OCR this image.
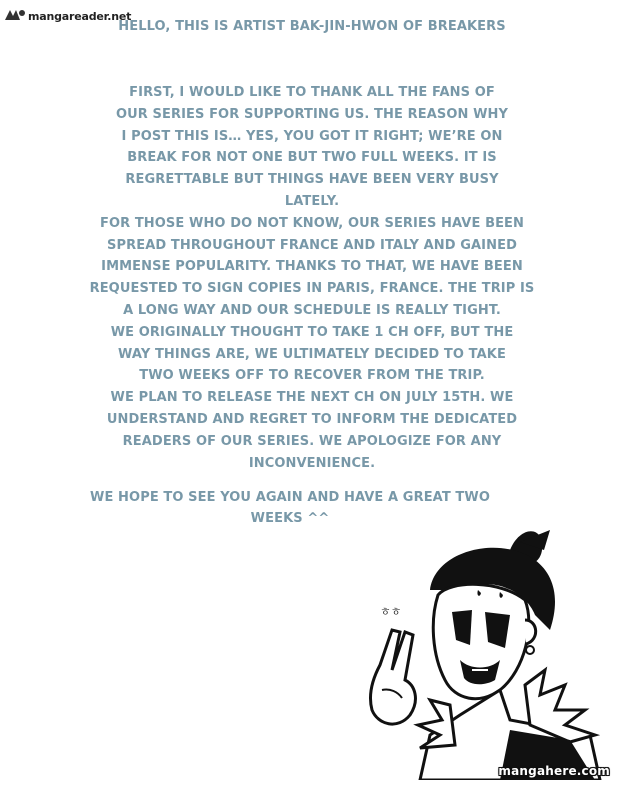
mangareader.net
HELLO, THIS IS ARTIST BAK-JIN-HWON OF BREAKERS

FIRST, I WOULD LIKE TO THANK ALL THE FANS OF

OUR SERIES FOR SUPPORTING US. THE REASON WHY

I POST THIS IS… YES, YOU GOT IT RIGHT; WE’RE ON

BREAK FOR NOT ONE BUT TWO FULL WEEKS. IT IS

REGRETTABLE BUT THINGS HAVE BEEN VERY BUSY

LATELY.

FOR THOSE WHO DO NOT KNOW, OUR SERIES HAVE BEEN

SPREAD THROUGHOUT FRANCE AND ITALY AND GAINED

IMMENSE POPULARITY. THANKS TO THAT, WE HAVE BEEN

REQUESTED TO SIGN COPIES IN PARIS, FRANCE. THE TRIP IS

A LONG WAY AND OUR SCHEDULE IS REALLY TIGHT.

WE ORIGINALLY THOUGHT TO TAKE 1 CH OFF, BUT THE

WAY THINGS ARE, WE ULTIMATELY DECIDED TO TAKE

TWO WEEKS OFF TO RECOVER FROM THE TRIP.

WE PLAN TO RELEASE THE NEXT CH ON JULY 15TH. WE

UNDERSTAND AND REGRET TO INFORM THE DEDICATED

READERS OF OUR SERIES. WE APOLOGIZE FOR ANY

INCONVENIENCE.

WE HOPE TO SEE YOU AGAIN AND HAVE A GREAT TWO
WEEKS ^^
ㅎㅎ
mangahere.com
